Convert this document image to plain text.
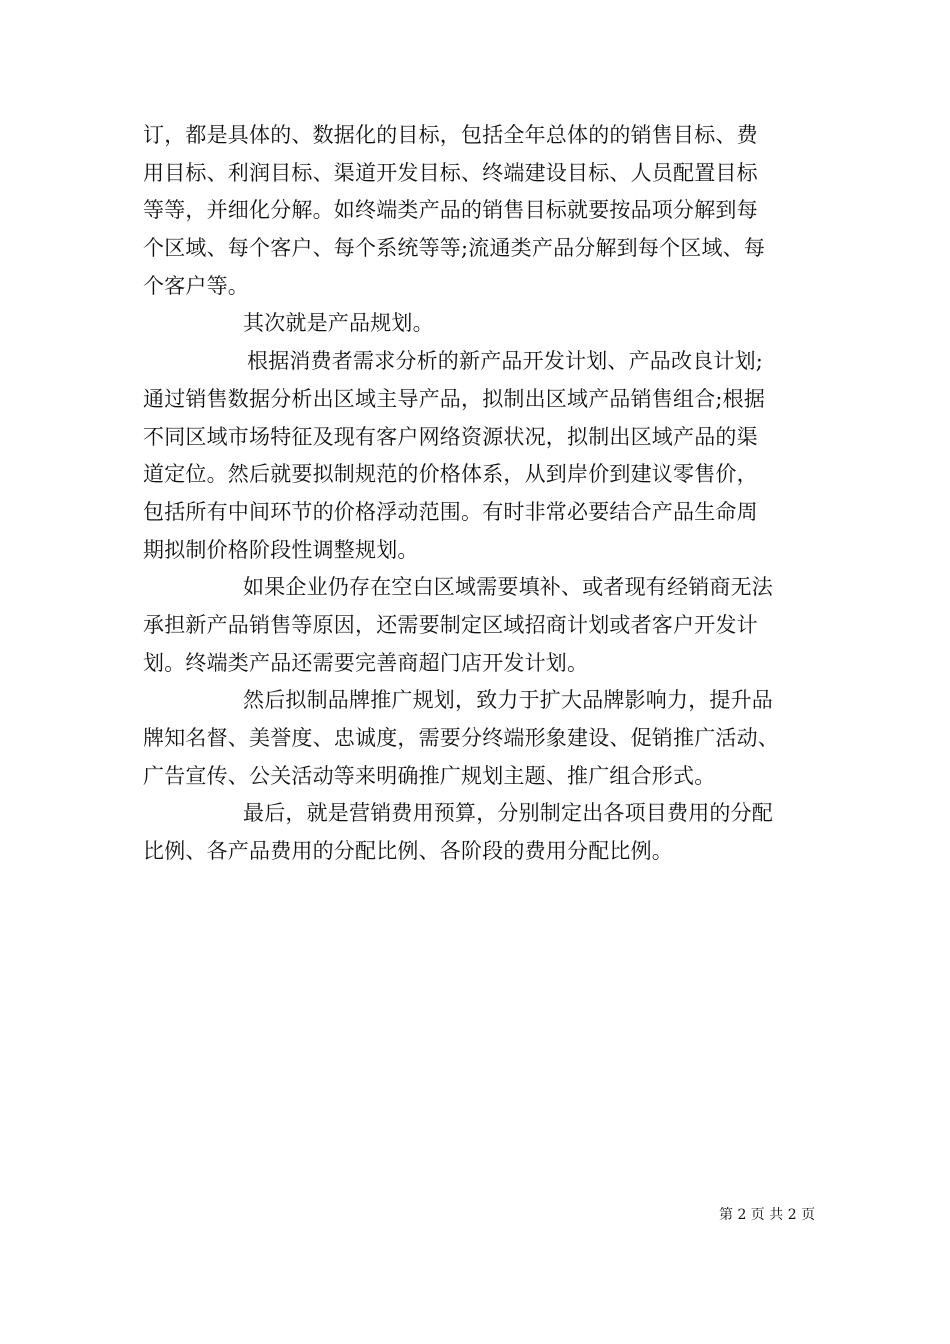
订，都是具体的、数据化的目标，包括全年总体的的销售目标、费
用目标、利润目标、渠道开发目标、终端建设目标、人员配置目标
等等，并细化分解。如终端类产品的销售目标就要按品项分解到每
个区域、每个客户、每个系统等等;流通类产品分解到每个区域、每
个客户等。
其次就是产品规划。
根据消费者需求分析的新产品开发计划、产品改良计划;
通过销售数据分析出区域主导产品，拟制出区域产品销售组合;根据
不同区域市场特征及现有客户网络资源状况，拟制出区域产品的渠
道定位。然后就要拟制规范的价格体系，从到岸价到建议零售价，
包括所有中间环节的价格浮动范围。有时非常必要结合产品生命周
期拟制价格阶段性调整规划。
如果企业仍存在空白区域需要填补、或者现有经销商无法
承担新产品销售等原因，还需要制定区域招商计划或者客户开发计
划。终端类产品还需要完善商超门店开发计划。
然后拟制品牌推广规划，致力于扩大品牌影响力，提升品
牌知名督、美誉度、忠诚度，需要分终端形象建设、促销推广活动、
广告宣传、公关活动等来明确推广规划主题、推广组合形式。
最后，就是营销费用预算，分别制定出各项目费用的分配
比例、各产品费用的分配比例、各阶段的费用分配比例。
第 2 页 共 2 页
